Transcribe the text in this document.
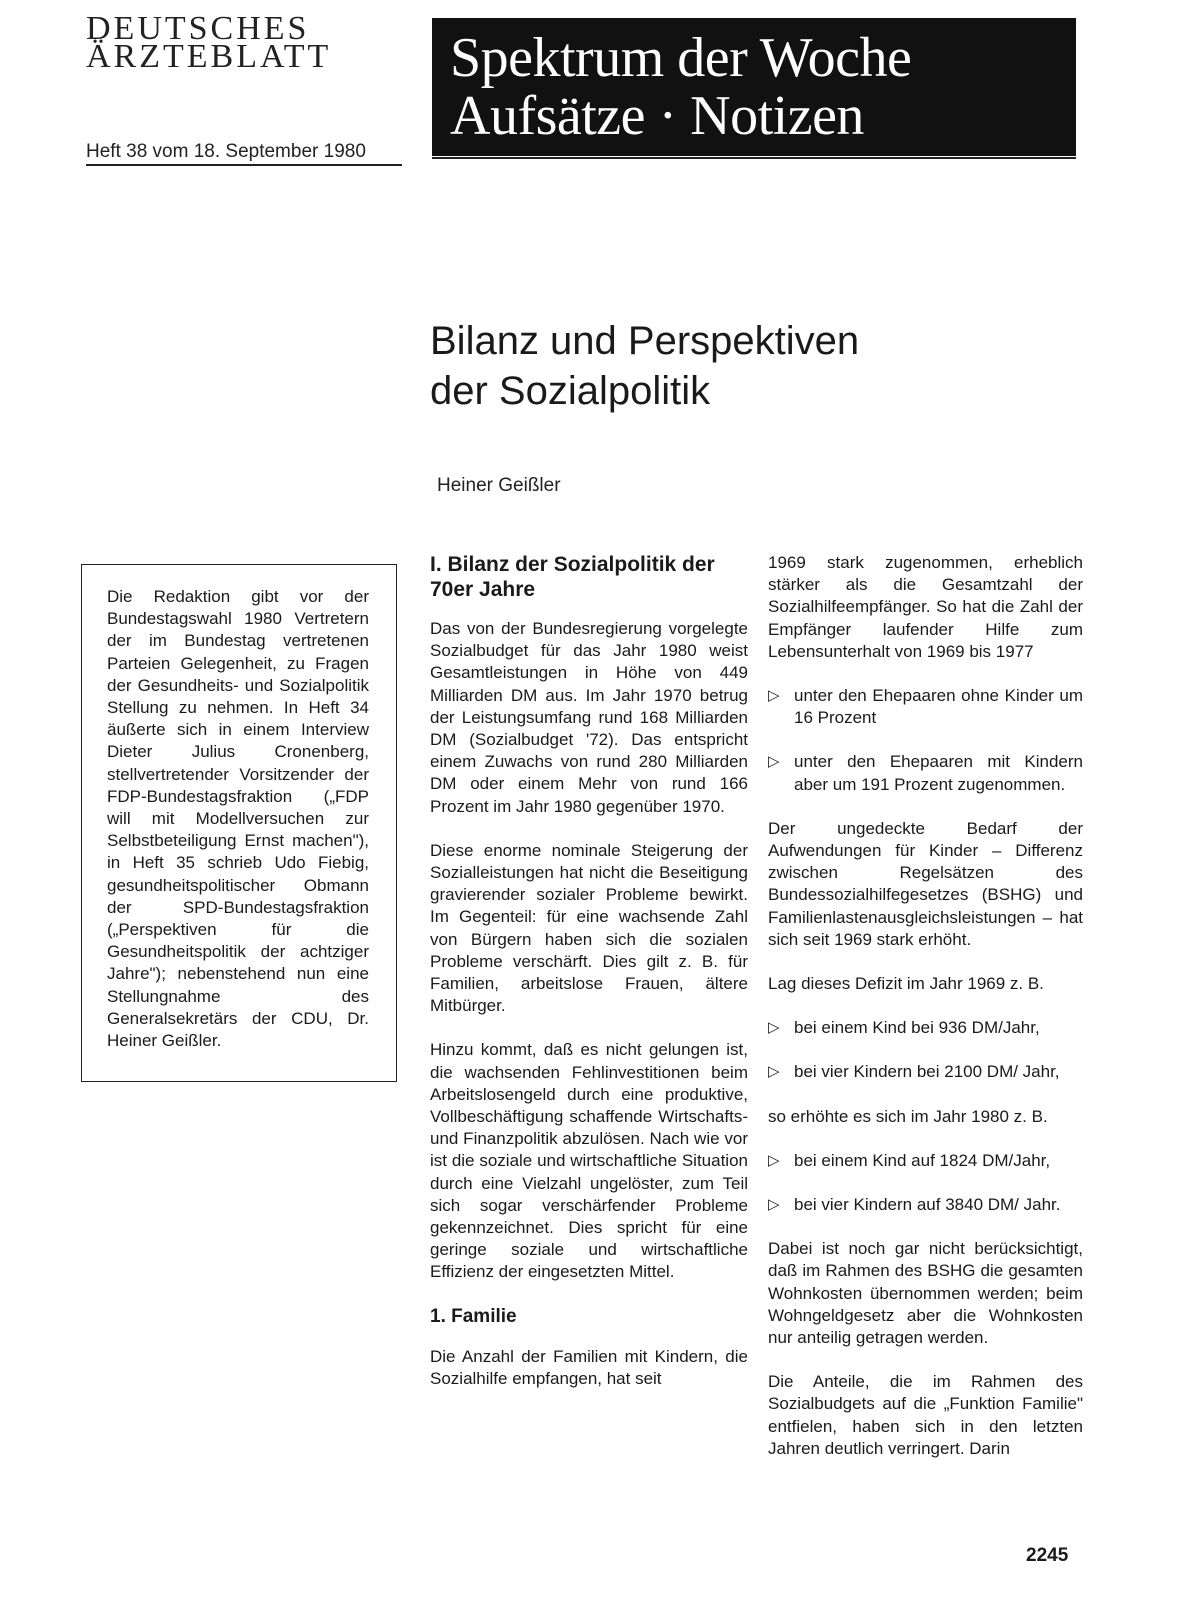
DEUTSCHES
ÄRZTEBLATT
Heft 38 vom 18. September 1980
Spektrum der Woche
Aufsätze · Notizen
Bilanz und Perspektiven
der Sozialpolitik
Heiner Geißler

Die Redaktion gibt vor der Bundestagswahl 1980 Vertretern der im Bundestag vertretenen Parteien Gelegenheit, zu Fragen der Gesundheits- und Sozialpolitik Stellung zu nehmen. In Heft 34 äußerte sich in einem Interview Dieter Julius Cronenberg, stellvertretender Vorsitzender der FDP-Bundestagsfraktion („FDP will mit Modellversuchen zur Selbstbeteiligung Ernst machen"), in Heft 35 schrieb Udo Fiebig, gesundheitspolitischer Obmann der SPD-Bundestagsfraktion („Perspektiven für die Gesundheitspolitik der achtziger Jahre"); nebenstehend nun eine Stellungnahme des Generalsekretärs der CDU, Dr. Heiner Geißler.

I. Bilanz der Sozialpolitik der 70er Jahre

Das von der Bundesregierung vorgelegte Sozialbudget für das Jahr 1980 weist Gesamtleistungen in Höhe von 449 Milliarden DM aus. Im Jahr 1970 betrug der Leistungsumfang rund 168 Milliarden DM (Sozialbudget '72). Das entspricht einem Zuwachs von rund 280 Milliarden DM oder einem Mehr von rund 166 Prozent im Jahr 1980 gegenüber 1970.

Diese enorme nominale Steigerung der Sozialleistungen hat nicht die Beseitigung gravierender sozialer Probleme bewirkt. Im Gegenteil: für eine wachsende Zahl von Bürgern haben sich die sozialen Probleme verschärft. Dies gilt z. B. für Familien, arbeitslose Frauen, ältere Mitbürger.

Hinzu kommt, daß es nicht gelungen ist, die wachsenden Fehlinvestitionen beim Arbeitslosengeld durch eine produktive, Vollbeschäftigung schaffende Wirtschafts- und Finanzpolitik abzulösen. Nach wie vor ist die soziale und wirtschaftliche Situation durch eine Vielzahl ungelöster, zum Teil sich sogar verschärfender Probleme gekennzeichnet. Dies spricht für eine geringe soziale und wirtschaftliche Effizienz der eingesetzten Mittel.

1. Familie

Die Anzahl der Familien mit Kindern, die Sozialhilfe empfangen, hat seit

1969 stark zugenommen, erheblich stärker als die Gesamtzahl der Sozialhilfeempfänger. So hat die Zahl der Empfänger laufender Hilfe zum Lebensunterhalt von 1969 bis 1977

▷ unter den Ehepaaren ohne Kinder um 16 Prozent
▷ unter den Ehepaaren mit Kindern aber um 191 Prozent zugenommen.

Der ungedeckte Bedarf der Aufwendungen für Kinder – Differenz zwischen Regelsätzen des Bundessozialhilfegesetzes (BSHG) und Familienlastenausgleichsleistungen – hat sich seit 1969 stark erhöht.

Lag dieses Defizit im Jahr 1969 z. B.

▷ bei einem Kind bei 936 DM/Jahr,
▷ bei vier Kindern bei 2100 DM/ Jahr,

so erhöhte es sich im Jahr 1980 z. B.

▷ bei einem Kind auf 1824 DM/Jahr,
▷ bei vier Kindern auf 3840 DM/ Jahr.

Dabei ist noch gar nicht berücksichtigt, daß im Rahmen des BSHG die gesamten Wohnkosten übernommen werden; beim Wohngeldgesetz aber die Wohnkosten nur anteilig getragen werden.

Die Anteile, die im Rahmen des Sozialbudgets auf die „Funktion Familie" entfielen, haben sich in den letzten Jahren deutlich verringert. Darin

2245
